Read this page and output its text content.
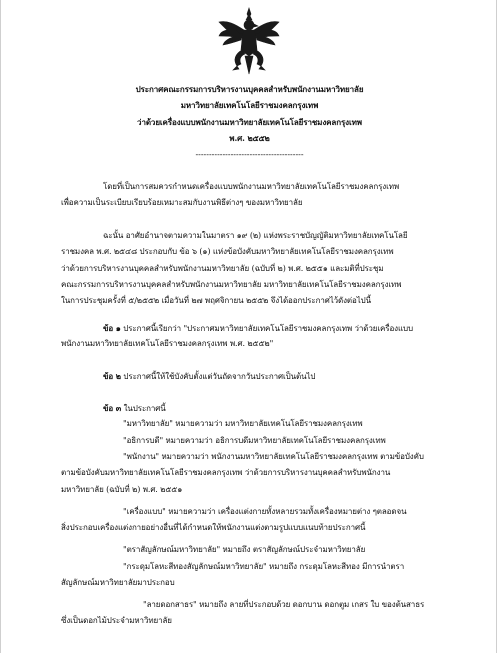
ประกาศคณะกรรมการบริหารงานบุคคลสำหรับพนักงานมหาวิทยาลัย
มหาวิทยาลัยเทคโนโลยีราชมงคลกรุงเทพ
ว่าด้วยเครื่องแบบพนักงานมหาวิทยาลัยเทคโนโลยีราชมงคลกรุงเทพ
พ.ศ. ๒๕๕๒
----------------------------------------
โดยที่เป็นการสมควรกำหนดเครื่องแบบพนักงานมหาวิทยาลัยเทคโนโลยีราชมงคลกรุงเทพ
เพื่อความเป็นระเบียบเรียบร้อยเหมาะสมกับงานพิธีต่างๆ ของมหาวิทยาลัย
ฉะนั้น อาศัยอำนาจตามความในมาตรา ๑๙ (๒) แห่งพระราชบัญญัติมหาวิทยาลัยเทคโนโลยี
ราชมงคล พ.ศ. ๒๕๔๘ ประกอบกับ ข้อ ๖ (๑) แห่งข้อบังคับมหาวิทยาลัยเทคโนโลยีราชมงคลกรุงเทพ
ว่าด้วยการบริหารงานบุคคลสำหรับพนักงานมหาวิทยาลัย (ฉบับที่ ๒) พ.ศ. ๒๕๕๑ และมติที่ประชุม
คณะกรรมการบริหารงานบุคคลสำหรับพนักงานมหาวิทยาลัย มหาวิทยาลัยเทคโนโลยีราชมงคลกรุงเทพ
ในการประชุมครั้งที่ ๕/๒๕๕๒ เมื่อวันที่ ๒๗ พฤศจิกายน ๒๕๕๒ จึงได้ออกประกาศไว้ดังต่อไปนี้
ข้อ ๑ ประกาศนี้เรียกว่า "ประกาศมหาวิทยาลัยเทคโนโลยีราชมงคลกรุงเทพ ว่าด้วยเครื่องแบบ
พนักงานมหาวิทยาลัยเทคโนโลยีราชมงคลกรุงเทพ พ.ศ. ๒๕๕๒"
ข้อ ๒ ประกาศนี้ให้ใช้บังคับตั้งแต่วันถัดจากวันประกาศเป็นต้นไป
ข้อ ๓ ในประกาศนี้
"มหาวิทยาลัย" หมายความว่า มหาวิทยาลัยเทคโนโลยีราชมงคลกรุงเทพ
"อธิการบดี" หมายความว่า อธิการบดีมหาวิทยาลัยเทคโนโลยีราชมงคลกรุงเทพ
"พนักงาน" หมายความว่า พนักงานมหาวิทยาลัยเทคโนโลยีราชมงคลกรุงเทพ ตามข้อบังคับ
ตามข้อบังคับมหาวิทยาลัยเทคโนโลยีราชมงคลกรุงเทพ ว่าด้วยการบริหารงานบุคคลสำหรับพนักงาน
มหาวิทยาลัย (ฉบับที่ ๒) พ.ศ. ๒๕๕๑
"เครื่องแบบ" หมายความว่า เครื่องแต่งกายทั้งหลายรวมทั้งเครื่องหมายต่าง ๆตลอดจน
สิ่งประกอบเครื่องแต่งกายอย่างอื่นที่ได้กำหนดให้พนักงานแต่งตามรูปแบบแนบท้ายประกาศนี้
"ตราสัญลักษณ์มหาวิทยาลัย" หมายถึง ตราสัญลักษณ์ประจำมหาวิทยาลัย
"กระดุมโลหะสีทองสัญลักษณ์มหาวิทยาลัย" หมายถึง กระดุมโลหะสีทอง มีการนำตรา
สัญลักษณ์มหาวิทยาลัยมาประกอบ
"ลายดอกสาธร" หมายถึง ลายที่ประกอบด้วย ดอกบาน ดอกตูม เกสร ใบ ของต้นสาธร
ซึ่งเป็นดอกไม้ประจำมหาวิทยาลัย
